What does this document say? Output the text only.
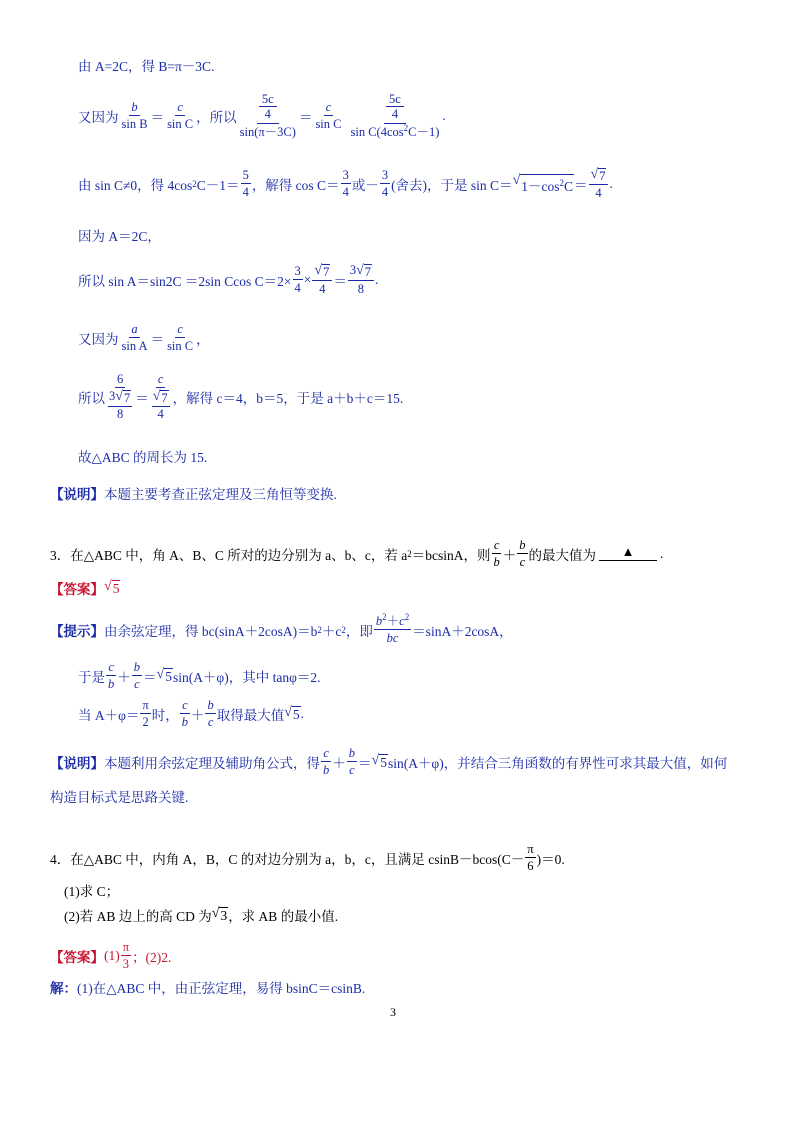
由 A=2C，得 B=π－3C.
又因为 $\frac{b}{\text{sin B}} = \frac{c}{\text{sin C}}$ ，所以 5c
4
$\sin(\pi-3C) = \frac{c}{\text{sin C}} 5c$
4
$\sin C(4\cos^2C-1)$ .
由 sin C≠0，得 4cos 2 $C-1= \frac{5}{4}$ ，解得 $\cos C= \frac{3}{4}$ 或－ $\frac{3}{4}$ (舍去)，于是 sin C＝ √ $1-\cos^2C = \frac{√ 7}{4}$ .
因为 A＝2C，
所以 sin A＝sin2C ＝2sin Ccos $C=2\times \frac{3}{4} \times \frac{√ 7}{4} = \frac{3 √ 7}{8}$ .
又因为 $\frac{a}{\text{sin A}} = \frac{c}{\text{sin C}}$ ，
所以 6
3 √ 7
8 ＝ c
√ 7
4 ，解得 c＝4，b＝5，于是 a＋b＋c＝15.
故△ABC 的周长为 15.
【说明】 本题主要考查正弦定理及三角恒等变换.
3．在△ABC 中，角 A、B、C 所对的边分别为 a、b、c，若 a 2 ＝bcsinA，则 $\frac{c}{b} + \frac{b}{c}$ 的最大值为	▲	.
【答案】 √ 5
【提示】 由余弦定理，得 bc(sinA＋2cosA)＝b 2 ＋c 2 ，即 $\frac{b^2+c^2}{bc} =\sin A+2\cos A$，
于是 $\frac{c}{b} + \frac{b}{c}$ ＝ √ 5 sin(A＋φ)，其中 tanφ＝2.
当 $A+\varphi= \frac{\pi}{2}$ 时， $\frac{c}{b} + \frac{b}{c}$ 取得最大值 √ 5 .
【说明】 本题利用余弦定理及辅助角公式，得 $\frac{c}{b} + \frac{b}{c}$ ＝ √ 5 sin(A＋φ)，并结合三角函数的有界性可求其最大值，如何
构造目标式是思路关键.
4．在△ABC 中，内角 A，B，C 的对边分别为 a，b，c，且满足 $csinB-bcos(C- \frac{\pi}{6} )=0$.
(1)求 C；
(2)若 AB 边上的高 CD 为 √ 3 ，求 AB 的最小值.
【答案】 $(1) \frac{\pi}{3}$ ；(2)2.
解： (1)在△ABC 中，由正弦定理，易得 bsinC＝csinB.
3
